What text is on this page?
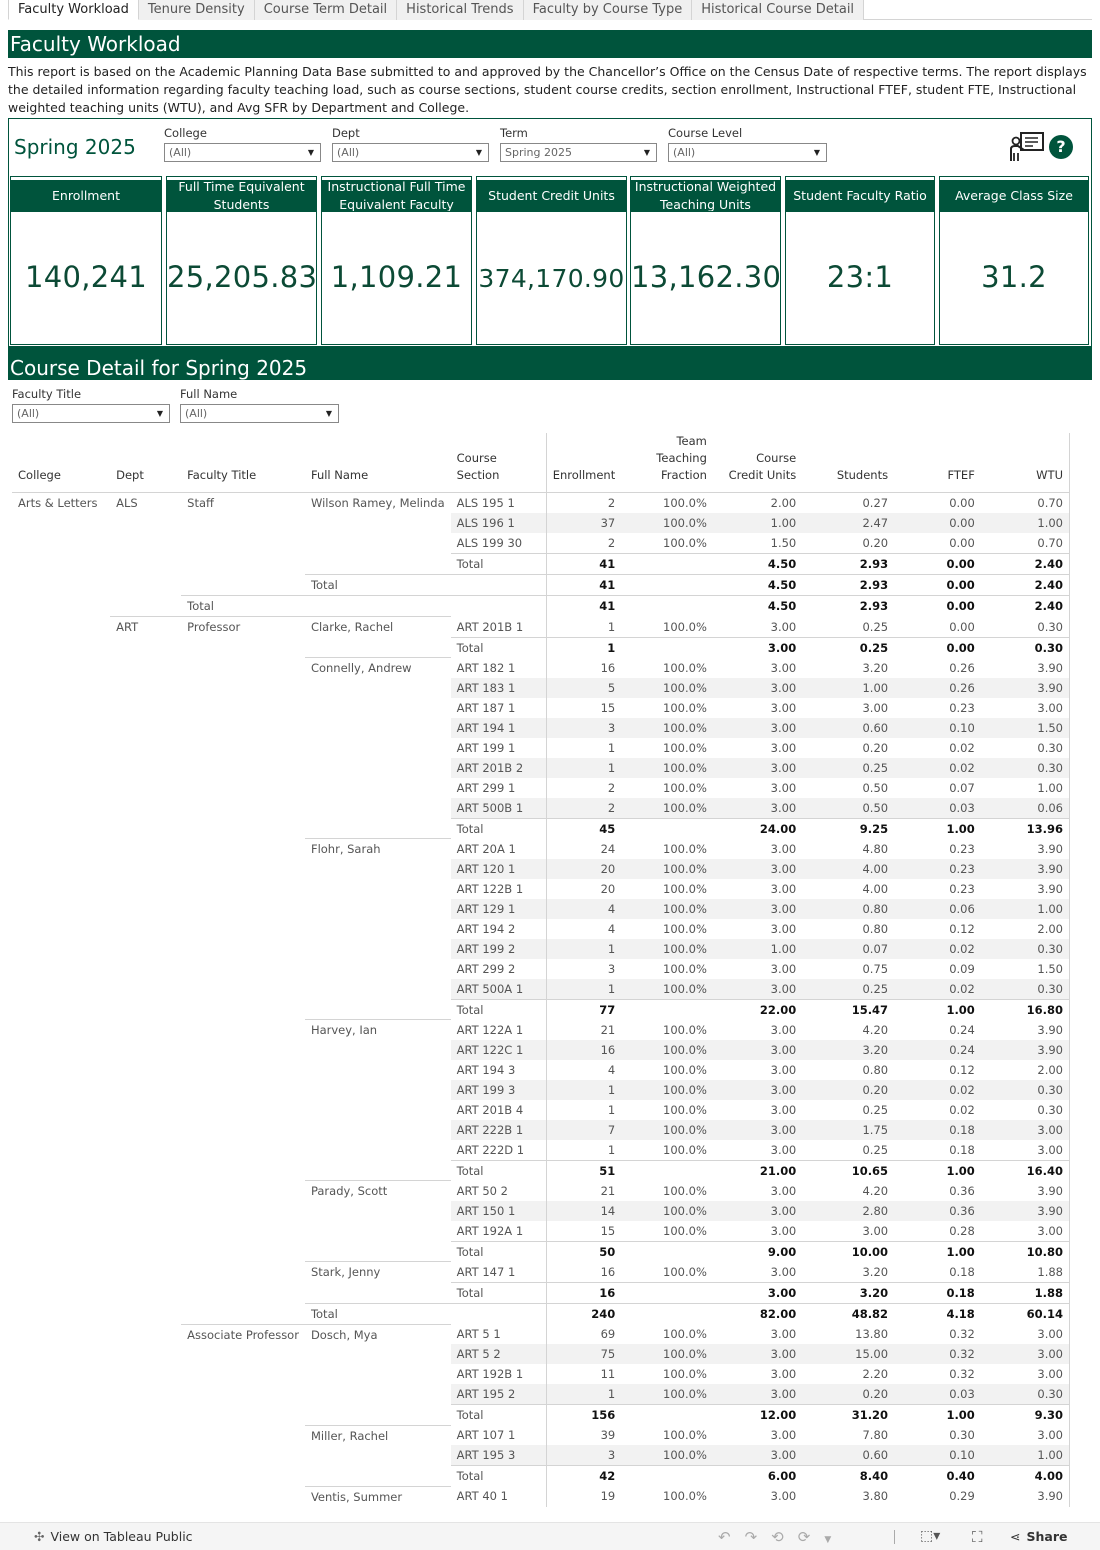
Faculty Workload	Tenure Density	Course Term Detail	Historical Trends	Faculty by Course Type	Historical Course Detail
Faculty Workload
This report is based on the Academic Planning Data Base submitted to and approved by the Chancellor’s Office on the Census Date of respective terms. The report displays the detailed information regarding faculty teaching load, such as course sections, student course credits, section enrollment, Instructional FTEF, student FTE, Instructional weighted teaching units (WTU), and Avg SFR by Department and College.
Spring 2025
College
(All)	▼
Dept
(All)	▼
Term
Spring 2025	▼
Course Level
(All)	▼	?
Enrollment
140,241
Full Time Equivalent Students
25,205.83
Instructional Full Time Equivalent Faculty
1,109.21
Student Credit Units
374,170.90
Instructional Weighted Teaching Units
13,162.30
Student Faculty Ratio
23:1
Average Class Size
31.2
Course Detail for Spring 2025
Faculty Title
(All)	▼
Full Name
(All)	▼
College	Dept	Faculty Title	Full Name	Course Section	Enrollment	Team Teaching Fraction	Course Credit Units	Students	FTEF	WTU
Arts & Letters	ALS	Staff	Wilson Ramey, Melinda	ALS 195 1	2	100.0%	2.00	0.27	0.00	0.70
				ALS 196 1	37	100.0%	1.00	2.47	0.00	1.00
				ALS 199 30	2	100.0%	1.50	0.20	0.00	0.70
				Total	41		4.50	2.93	0.00	2.40
			Total		41		4.50	2.93	0.00	2.40
		Total			41		4.50	2.93	0.00	2.40
	ART	Professor	Clarke, Rachel	ART 201B 1	1	100.0%	3.00	0.25	0.00	0.30
				Total	1		3.00	0.25	0.00	0.30
			Connelly, Andrew	ART 182 1	16	100.0%	3.00	3.20	0.26	3.90
				ART 183 1	5	100.0%	3.00	1.00	0.26	3.90
				ART 187 1	15	100.0%	3.00	3.00	0.23	3.00
				ART 194 1	3	100.0%	3.00	0.60	0.10	1.50
				ART 199 1	1	100.0%	3.00	0.20	0.02	0.30
				ART 201B 2	1	100.0%	3.00	0.25	0.02	0.30
				ART 299 1	2	100.0%	3.00	0.50	0.07	1.00
				ART 500B 1	2	100.0%	3.00	0.50	0.03	0.06
				Total	45		24.00	9.25	1.00	13.96
			Flohr, Sarah	ART 20A 1	24	100.0%	3.00	4.80	0.23	3.90
				ART 120 1	20	100.0%	3.00	4.00	0.23	3.90
				ART 122B 1	20	100.0%	3.00	4.00	0.23	3.90
				ART 129 1	4	100.0%	3.00	0.80	0.06	1.00
				ART 194 2	4	100.0%	3.00	0.80	0.12	2.00
				ART 199 2	1	100.0%	1.00	0.07	0.02	0.30
				ART 299 2	3	100.0%	3.00	0.75	0.09	1.50
				ART 500A 1	1	100.0%	3.00	0.25	0.02	0.30
				Total	77		22.00	15.47	1.00	16.80
			Harvey, Ian	ART 122A 1	21	100.0%	3.00	4.20	0.24	3.90
				ART 122C 1	16	100.0%	3.00	3.20	0.24	3.90
				ART 194 3	4	100.0%	3.00	0.80	0.12	2.00
				ART 199 3	1	100.0%	3.00	0.20	0.02	0.30
				ART 201B 4	1	100.0%	3.00	0.25	0.02	0.30
				ART 222B 1	7	100.0%	3.00	1.75	0.18	3.00
				ART 222D 1	1	100.0%	3.00	0.25	0.18	3.00
				Total	51		21.00	10.65	1.00	16.40
			Parady, Scott	ART 50 2	21	100.0%	3.00	4.20	0.36	3.90
				ART 150 1	14	100.0%	3.00	2.80	0.36	3.90
				ART 192A 1	15	100.0%	3.00	3.00	0.28	3.00
				Total	50		9.00	10.00	1.00	10.80
			Stark, Jenny	ART 147 1	16	100.0%	3.00	3.20	0.18	1.88
				Total	16		3.00	3.20	0.18	1.88
			Total		240		82.00	48.82	4.18	60.14
		Associate Professor	Dosch, Mya	ART 5 1	69	100.0%	3.00	13.80	0.32	3.00
				ART 5 2	75	100.0%	3.00	15.00	0.32	3.00
				ART 192B 1	11	100.0%	3.00	2.20	0.32	3.00
				ART 195 2	1	100.0%	3.00	0.20	0.03	0.30
				Total	156		12.00	31.20	1.00	9.30
			Miller, Rachel	ART 107 1	39	100.0%	3.00	7.80	0.30	3.00
				ART 195 3	3	100.0%	3.00	0.60	0.10	1.00
				Total	42		6.00	8.40	0.40	4.00
			Ventis, Summer	ART 40 1	19	100.0%	3.00	3.80	0.29	3.90
✣ View on Tableau Public	↶↷⟲⟳▼	⬚▾ ⛶ ⋖ Share
